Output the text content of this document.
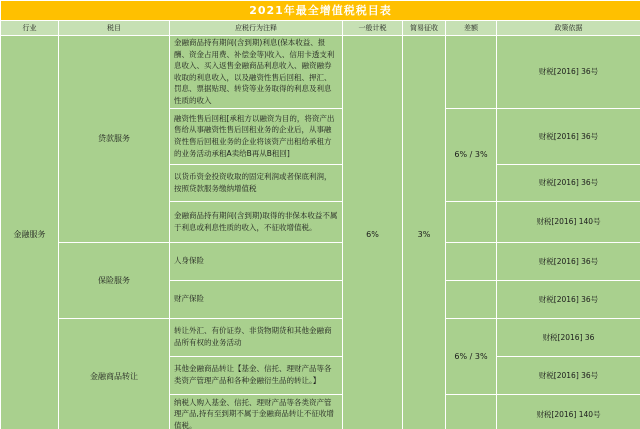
2021年最全增值税税目表						
行业	税目	应税行为注释	一般计税	简易征收	差额	政策依据
金融服务	贷款服务	金融商品持有期间(含到期)利息(保本收益、报酬、资金占用费、补偿金等)收入、信用卡透支利息收入、买入返售金融商品利息收入、融资融券收取的利息收入，以及融资性售后回租、押汇、罚息、票据贴现、转贷等业务取得的利息及利息性质的收入	6%	3%		财税[2016] 36号
		融资性售后回租[承租方以融资为目的，将资产出售给从事融资性售后回租业务的企业后，从事融资性售后回租业务的企业将该资产出租给承租方的业务活动承租A卖给B再从B租回]			6% / 3%	财税[2016] 36号
		以货币资金投资收取的固定利润或者保底利润，按照贷款服务缴纳增值税				财税[2016] 36号
		金融商品持有期间(含到期)取得的非保本收益不属于利息或利息性质的收入，不征收增值税。				财税[2016] 140号
	保险服务	人身保险				财税[2016] 36号
		财产保险				财税[2016] 36号
	金融商品转让	转让外汇、有价证券、非货物期货和其他金融商品所有权的业务活动			6% / 3%	财税[2016] 36
		其他金融商品转让【基金、信托、理财产品等各类资产管理产品和各种金融衍生品的转让。】				财税[2016] 36号
		纳税人购入基金、信托、理财产品等各类资产管理产品,持有至到期不属于金融商品转让不征收增值税。				财税[2016] 140号
